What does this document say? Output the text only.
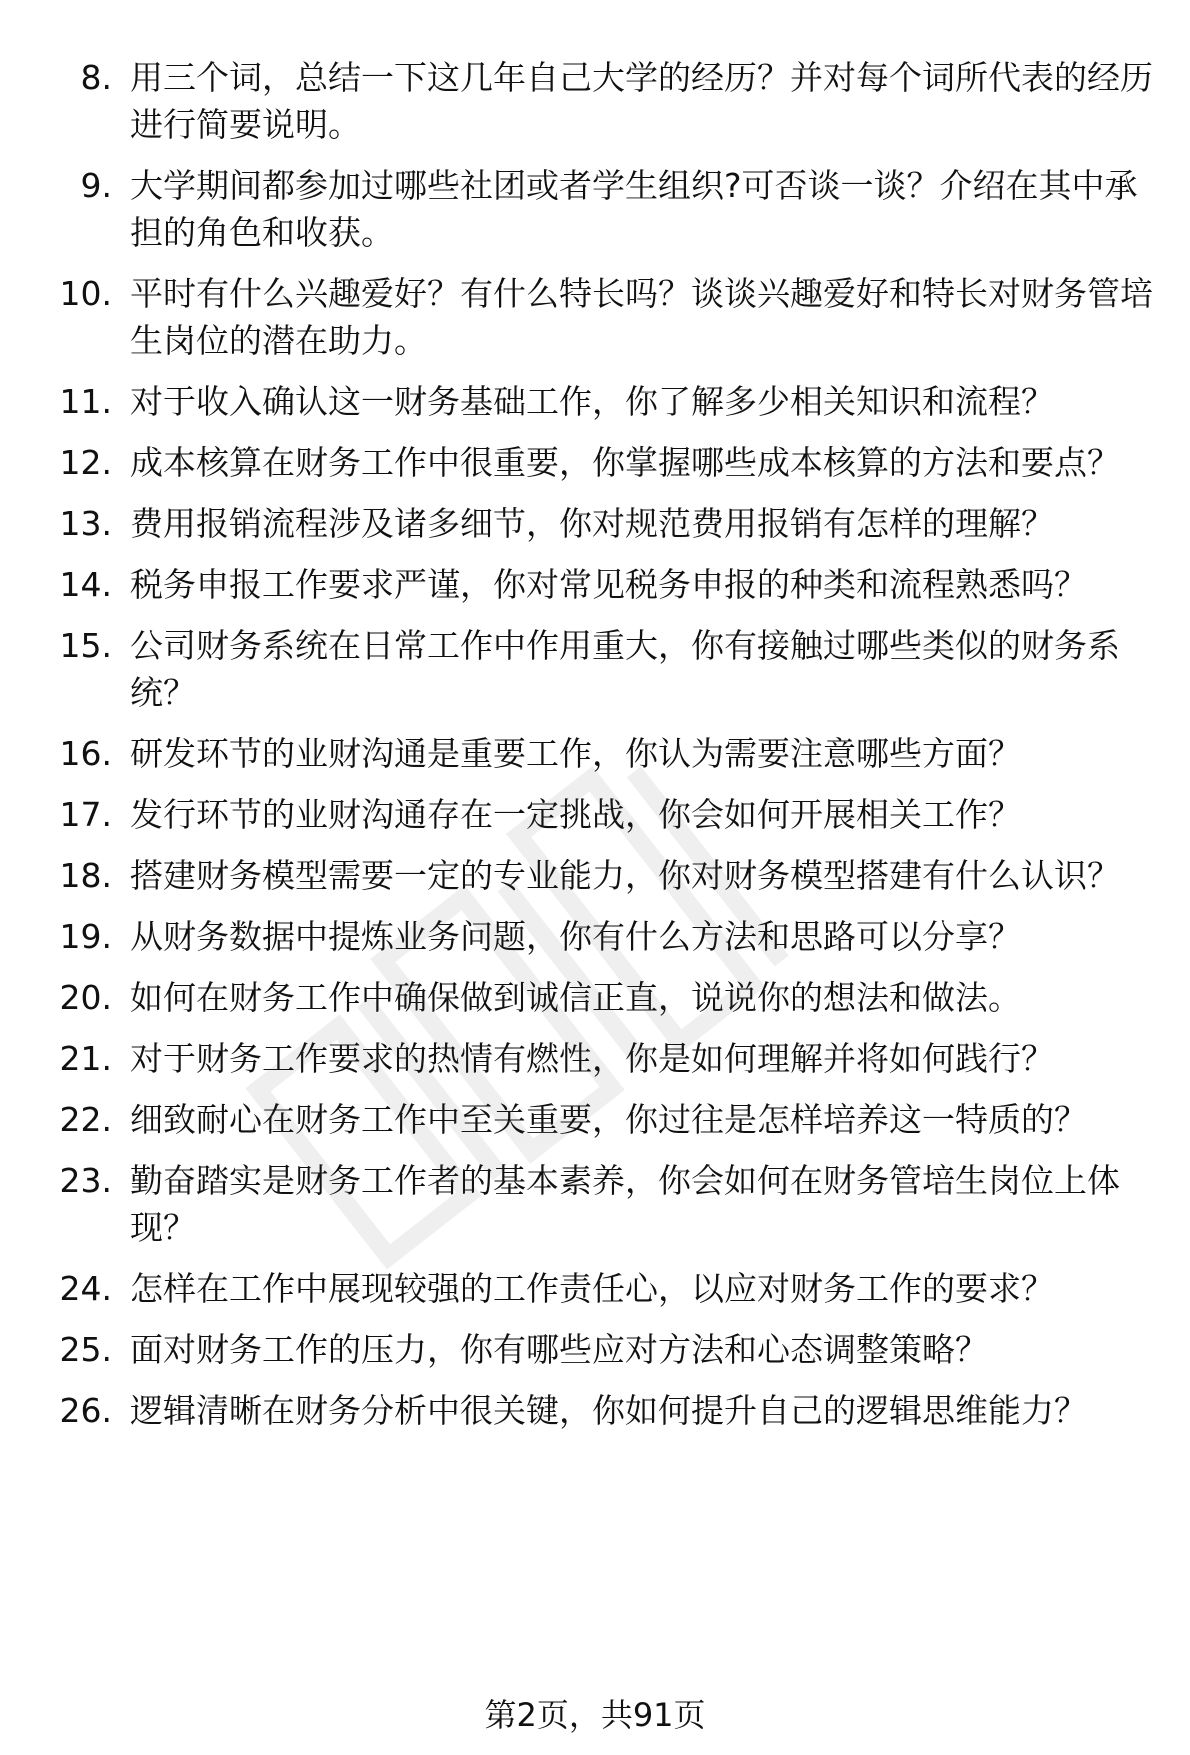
8. 用三个词，总结一下这几年自己大学的经历？并对每个词所代表的经历进行简要说明。
9. 大学期间都参加过哪些社团或者学生组织?可否谈一谈？介绍在其中承担的角色和收获。
10. 平时有什么兴趣爱好？有什么特长吗？谈谈兴趣爱好和特长对财务管培生岗位的潜在助力。
11. 对于收入确认这一财务基础工作，你了解多少相关知识和流程？
12. 成本核算在财务工作中很重要，你掌握哪些成本核算的方法和要点？
13. 费用报销流程涉及诸多细节，你对规范费用报销有怎样的理解？
14. 税务申报工作要求严谨，你对常见税务申报的种类和流程熟悉吗？
15. 公司财务系统在日常工作中作用重大，你有接触过哪些类似的财务系统？
16. 研发环节的业财沟通是重要工作，你认为需要注意哪些方面？
17. 发行环节的业财沟通存在一定挑战，你会如何开展相关工作？
18. 搭建财务模型需要一定的专业能力，你对财务模型搭建有什么认识？
19. 从财务数据中提炼业务问题，你有什么方法和思路可以分享？
20. 如何在财务工作中确保做到诚信正直，说说你的想法和做法。
21. 对于财务工作要求的热情有燃性，你是如何理解并将如何践行？
22. 细致耐心在财务工作中至关重要，你过往是怎样培养这一特质的？
23. 勤奋踏实是财务工作者的基本素养，你会如何在财务管培生岗位上体现？
24. 怎样在工作中展现较强的工作责任心，以应对财务工作的要求？
25. 面对财务工作的压力，你有哪些应对方法和心态调整策略？
26. 逻辑清晰在财务分析中很关键，你如何提升自己的逻辑思维能力？
第2页，共91页
